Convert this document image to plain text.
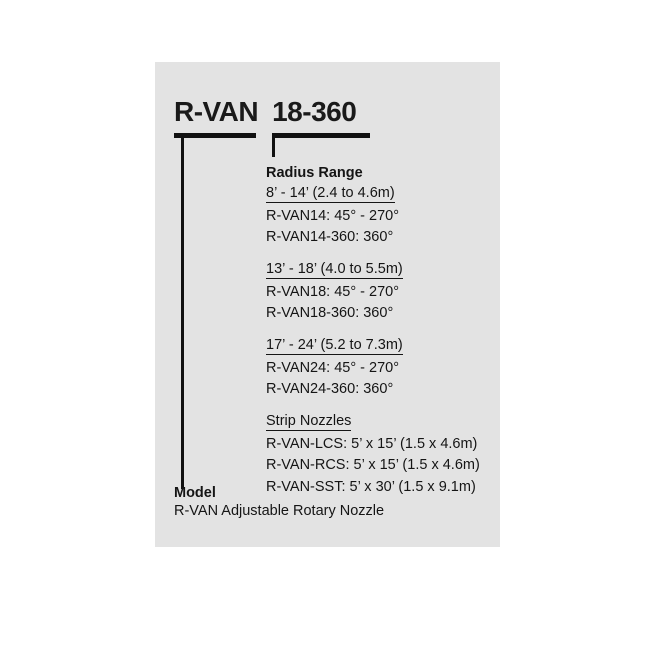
R-VAN 18-360
Radius Range
8’ - 14’ (2.4 to 4.6m)
R-VAN14: 45° - 270°
R-VAN14-360: 360°
13’ - 18’ (4.0 to 5.5m)
R-VAN18: 45° - 270°
R-VAN18-360: 360°
17’ - 24’ (5.2 to 7.3m)
R-VAN24: 45° - 270°
R-VAN24-360: 360°
Strip Nozzles
R-VAN-LCS: 5’ x 15’ (1.5 x 4.6m)
R-VAN-RCS: 5’ x 15’ (1.5 x 4.6m)
R-VAN-SST: 5’ x 30’ (1.5 x 9.1m)
Model
R-VAN Adjustable Rotary Nozzle
